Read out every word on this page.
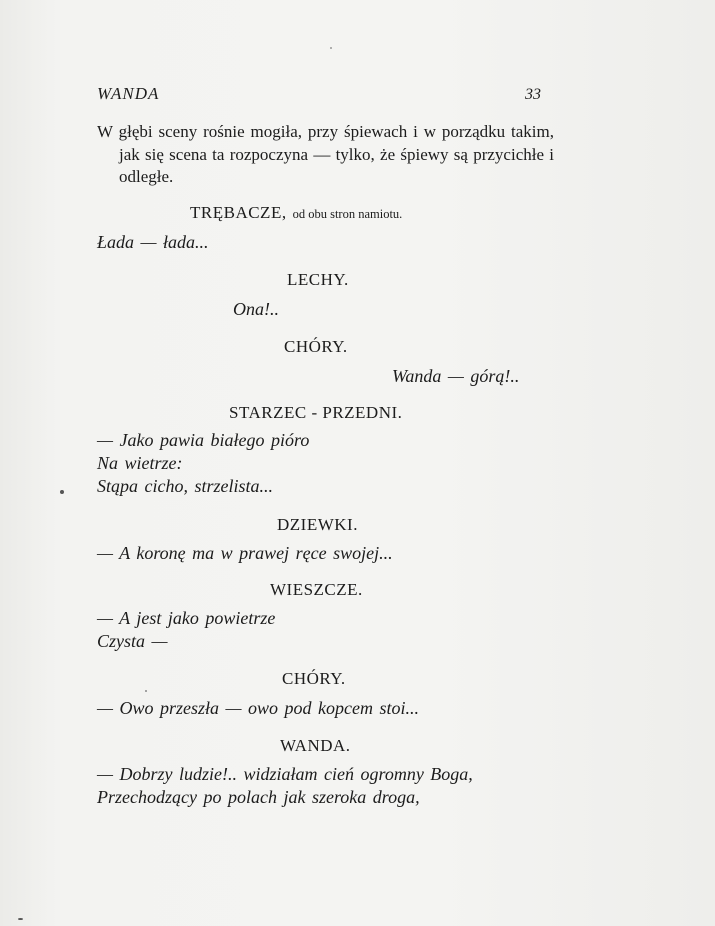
WANDA	33
W głębi sceny rośnie mogiła, przy śpiewach i w porządku takim, jak się scena ta rozpoczyna — tylko, że śpiewy są przycichłe i odległe.
TRĘBACZE, od obu stron namiotu.
Łada — łada...
LECHY.
Ona!..
CHÓRY.
Wanda — górą!..
STARZEC - PRZEDNI.
— Jako pawia białego pióro
Na wietrze:
Stąpa cicho, strzelista...
DZIEWKI.
— A koronę ma w prawej ręce swojej...
WIESZCZE.
— A jest jako powietrze
Czysta —
CHÓRY.
— Owo przeszła — owo pod kopcem stoi...
WANDA.
— Dobrzy ludzie!.. widziałam cień ogromny Boga,
Przechodzący po polach jak szeroka droga,
